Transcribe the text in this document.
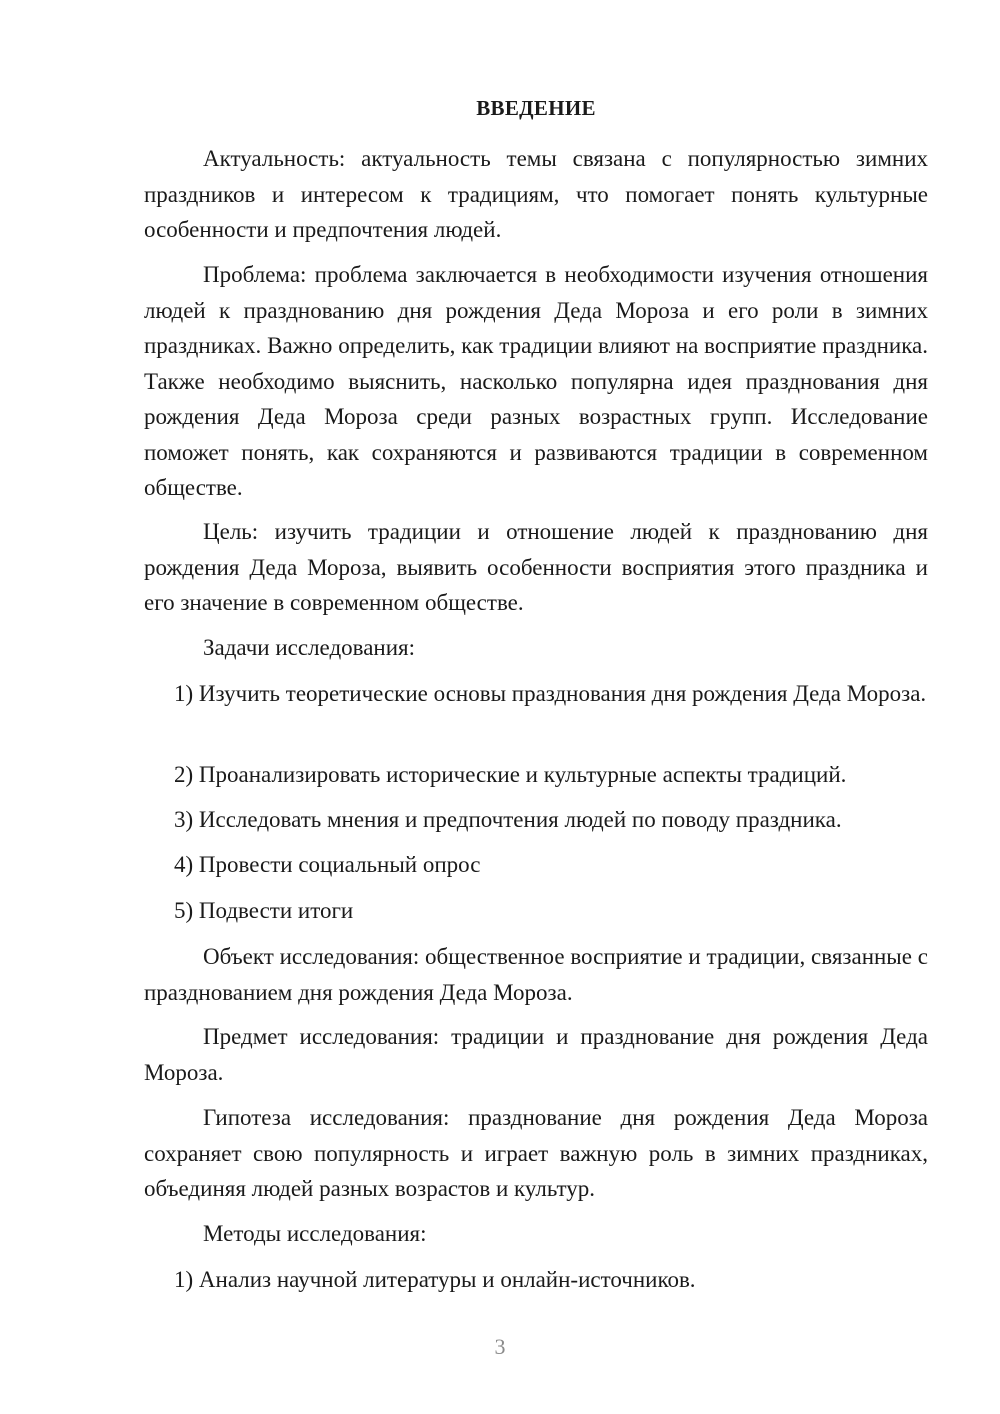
ВВЕДЕНИЕ

Актуальность: актуальность темы связана с популярностью зимних праздников и интересом к традициям, что помогает понять культурные особенности и предпочтения людей.

Проблема: проблема заключается в необходимости изучения отношения людей к празднованию дня рождения Деда Мороза и его роли в зимних праздниках. Важно определить, как традиции влияют на восприятие праздника. Также необходимо выяснить, насколько популярна идея празднования дня рождения Деда Мороза среди разных возрастных групп. Исследование поможет понять, как сохраняются и развиваются традиции в современном обществе.

Цель: изучить традиции и отношение людей к празднованию дня рождения Деда Мороза, выявить особенности восприятия этого праздника и его значение в современном обществе.

Задачи исследования:

1) Изучить теоретические основы празднования дня рождения Деда Мороза.

2) Проанализировать исторические и культурные аспекты традиций.

3) Исследовать мнения и предпочтения людей по поводу праздника.

4) Провести социальный опрос

5) Подвести итоги

Объект исследования: общественное восприятие и традиции, связанные с празднованием дня рождения Деда Мороза.

Предмет исследования: традиции и празднование дня рождения Деда Мороза.

Гипотеза исследования: празднование дня рождения Деда Мороза сохраняет свою популярность и играет важную роль в зимних праздниках, объединяя людей разных возрастов и культур.

Методы исследования:

1) Анализ научной литературы и онлайн-источников.

3
